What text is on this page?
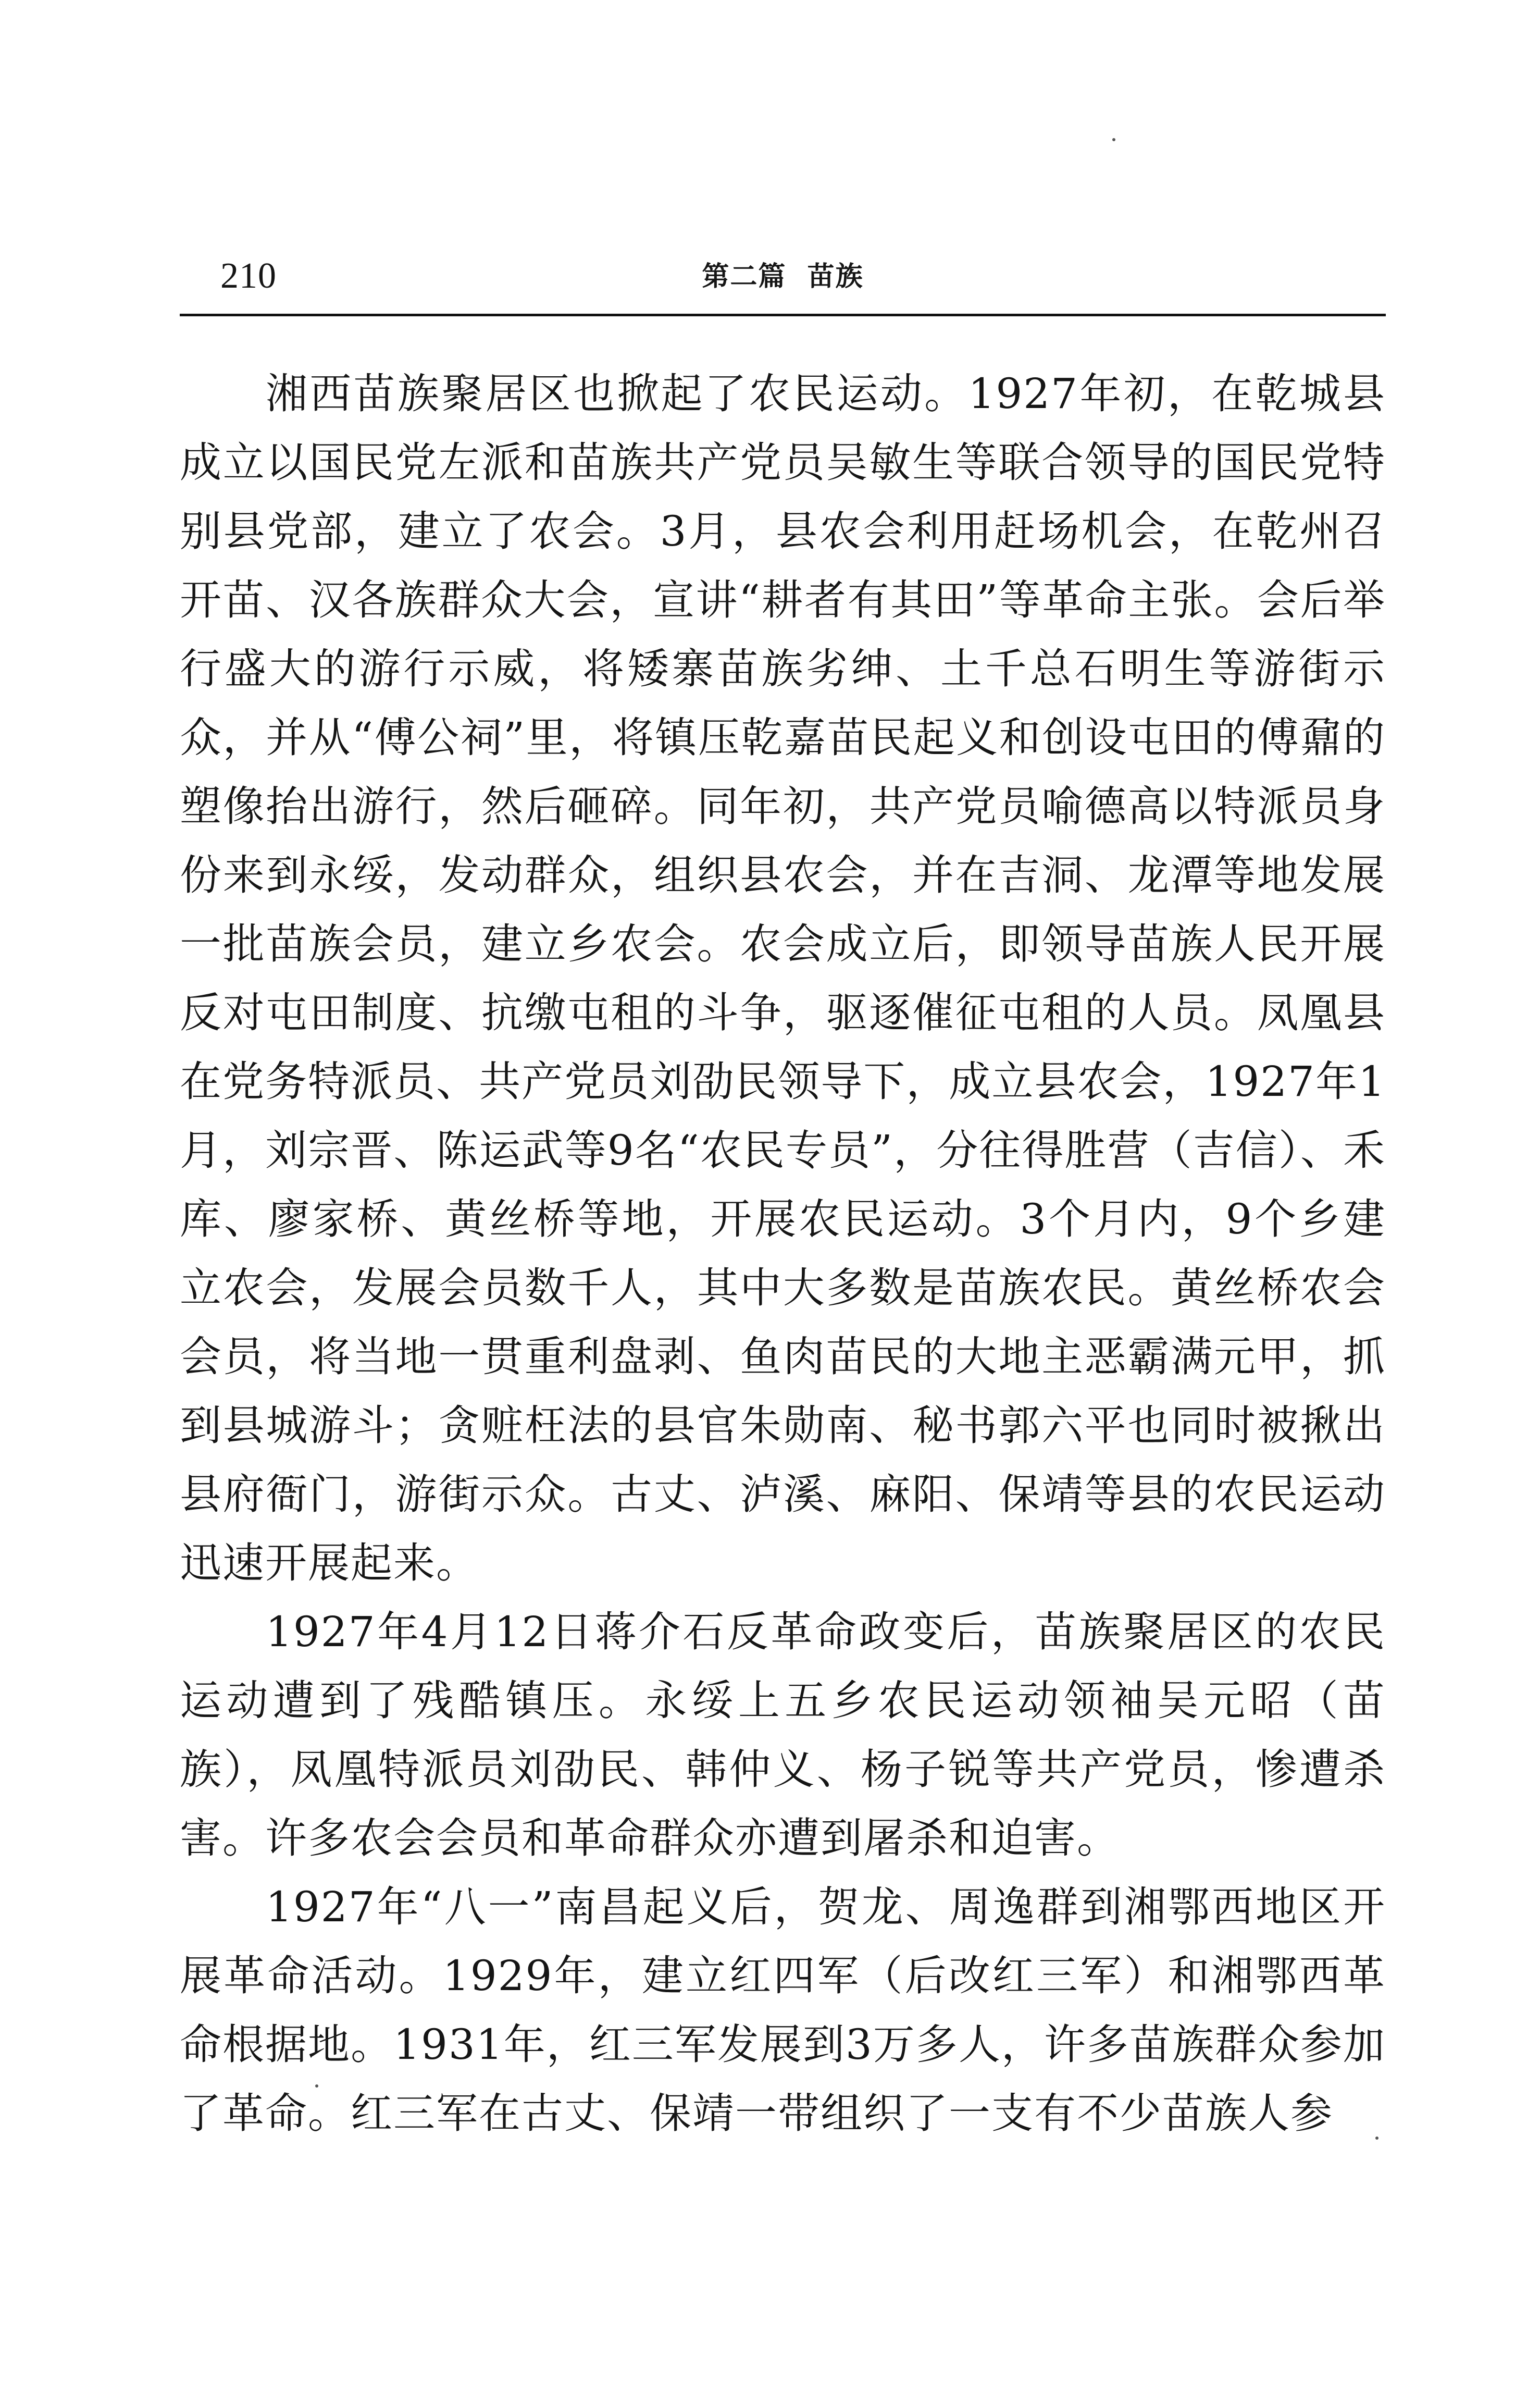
210	第二篇  苗族

湘西苗族聚居区也掀起了农民运动。1927年初，在乾城县成立以国民党左派和苗族共产党员吴敏生等联合领导的国民党特别县党部，建立了农会。3月，县农会利用赶场机会，在乾州召开苗、汉各族群众大会，宣讲“耕者有其田”等革命主张。会后举行盛大的游行示威，将矮寨苗族劣绅、土千总石明生等游街示众，并从“傅公祠”里，将镇压乾嘉苗民起义和创设屯田的傅鼐的塑像抬出游行，然后砸碎。同年初，共产党员喻德高以特派员身份来到永绥，发动群众，组织县农会，并在吉洞、龙潭等地发展一批苗族会员，建立乡农会。农会成立后，即领导苗族人民开展反对屯田制度、抗缴屯租的斗争，驱逐催征屯租的人员。凤凰县在党务特派员、共产党员刘劭民领导下，成立县农会，1927年1月，刘宗晋、陈运武等9名“农民专员”，分往得胜营（吉信）、禾库、廖家桥、黄丝桥等地，开展农民运动。3个月内，9个乡建立农会，发展会员数千人，其中大多数是苗族农民。黄丝桥农会会员，将当地一贯重利盘剥、鱼肉苗民的大地主恶霸满元甲，抓到县城游斗；贪赃枉法的县官朱勋南、秘书郭六平也同时被揪出县府衙门，游街示众。古丈、泸溪、麻阳、保靖等县的农民运动迅速开展起来。

1927年4月12日蒋介石反革命政变后，苗族聚居区的农民运动遭到了残酷镇压。永绥上五乡农民运动领袖吴元昭（苗族），凤凰特派员刘劭民、韩仲义、杨子锐等共产党员，惨遭杀害。许多农会会员和革命群众亦遭到屠杀和迫害。

1927年“八一”南昌起义后，贺龙、周逸群到湘鄂西地区开展革命活动。1929年，建立红四军（后改红三军）和湘鄂西革命根据地。1931年，红三军发展到3万多人，许多苗族群众参加了革命。红三军在古丈、保靖一带组织了一支有不少苗族人参
